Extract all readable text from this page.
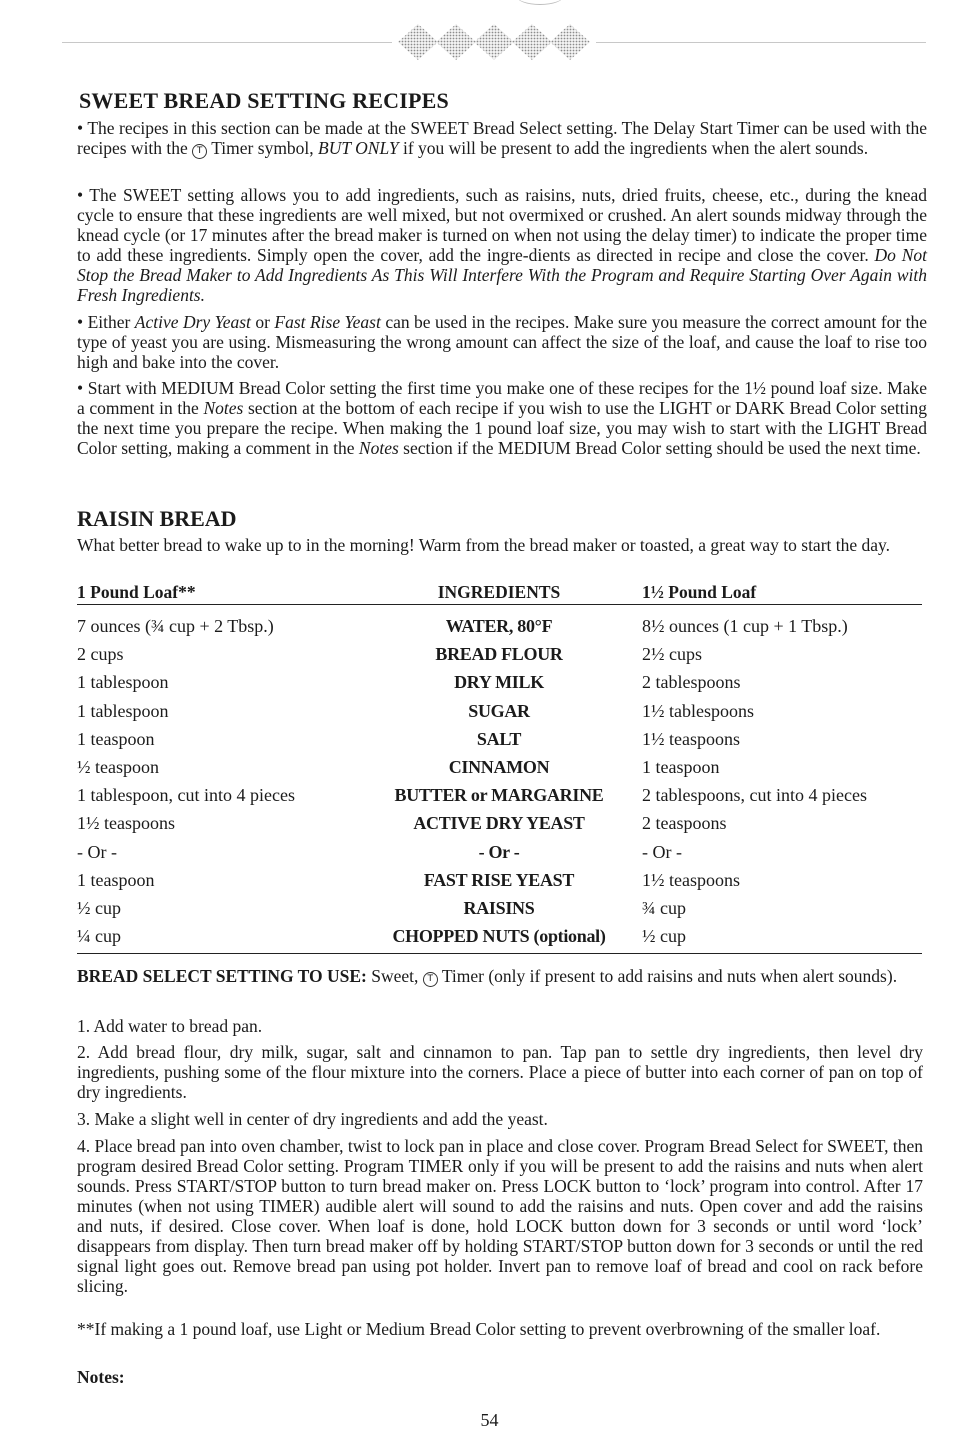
SWEET BREAD SETTING RECIPES

• The recipes in this section can be made at the SWEET Bread Select setting. The Delay Start Timer can be used with the recipes with the T Timer symbol, BUT ONLY if you will be present to add the ingredients when the alert sounds.

• The SWEET setting allows you to add ingredients, such as raisins, nuts, dried fruits, cheese, etc., during the knead cycle to ensure that these ingredients are well mixed, but not overmixed or crushed. An alert sounds midway through the knead cycle (or 17 minutes after the bread maker is turned on when not using the delay timer) to indicate the proper time to add these ingredients. Simply open the cover, add the ingre-dients as directed in recipe and close the cover. Do Not Stop the Bread Maker to Add Ingredients As This Will Interfere With the Program and Require Starting Over Again with Fresh Ingredients.

• Either Active Dry Yeast or Fast Rise Yeast can be used in the recipes. Make sure you measure the correct amount for the type of yeast you are using. Mismeasuring the wrong amount can affect the size of the loaf, and cause the loaf to rise too high and bake into the cover.

• Start with MEDIUM Bread Color setting the first time you make one of these recipes for the 1½ pound loaf size. Make a comment in the Notes section at the bottom of each recipe if you wish to use the LIGHT or DARK Bread Color setting the next time you prepare the recipe. When making the 1 pound loaf size, you may wish to start with the LIGHT Bread Color setting, making a comment in the Notes section if the MEDIUM Bread Color setting should be used the next time.

RAISIN BREAD

What better bread to wake up to in the morning! Warm from the bread maker or toasted, a great way to start the day.

1 Pound Loaf**	INGREDIENTS	1½ Pound Loaf
7 ounces (¾ cup + 2 Tbsp.)	WATER, 80°F	8½ ounces (1 cup + 1 Tbsp.)
2 cups	BREAD FLOUR	2½ cups
1 tablespoon	DRY MILK	2 tablespoons
1 tablespoon	SUGAR	1½ tablespoons
1 teaspoon	SALT	1½ teaspoons
½ teaspoon	CINNAMON	1 teaspoon
1 tablespoon, cut into 4 pieces	BUTTER or MARGARINE	2 tablespoons, cut into 4 pieces
1½ teaspoons	ACTIVE DRY YEAST	2 teaspoons
- Or -	- Or -	- Or -
1 teaspoon	FAST RISE YEAST	1½ teaspoons
½ cup	RAISINS	¾ cup
¼ cup	CHOPPED NUTS (optional)	½ cup

BREAD SELECT SETTING TO USE: Sweet, T Timer (only if present to add raisins and nuts when alert sounds).

1. Add water to bread pan.

2. Add bread flour, dry milk, sugar, salt and cinnamon to pan. Tap pan to settle dry ingredients, then level dry ingredients, pushing some of the flour mixture into the corners. Place a piece of butter into each corner of pan on top of dry ingredients.

3. Make a slight well in center of dry ingredients and add the yeast.

4. Place bread pan into oven chamber, twist to lock pan in place and close cover. Program Bread Select for SWEET, then program desired Bread Color setting. Program TIMER only if you will be present to add the raisins and nuts when alert sounds. Press START/STOP button to turn bread maker on. Press LOCK button to ‘lock’ program into control. After 17 minutes (when not using TIMER) audible alert will sound to add the raisins and nuts. Open cover and add the raisins and nuts, if desired. Close cover. When loaf is done, hold LOCK button down for 3 seconds or until word ‘lock’ disappears from display. Then turn bread maker off by holding START/STOP button down for 3 seconds or until the red signal light goes out. Remove bread pan using pot holder. Invert pan to remove loaf of bread and cool on rack before slicing.

**If making a 1 pound loaf, use Light or Medium Bread Color setting to prevent overbrowning of the smaller loaf.

Notes:
54
